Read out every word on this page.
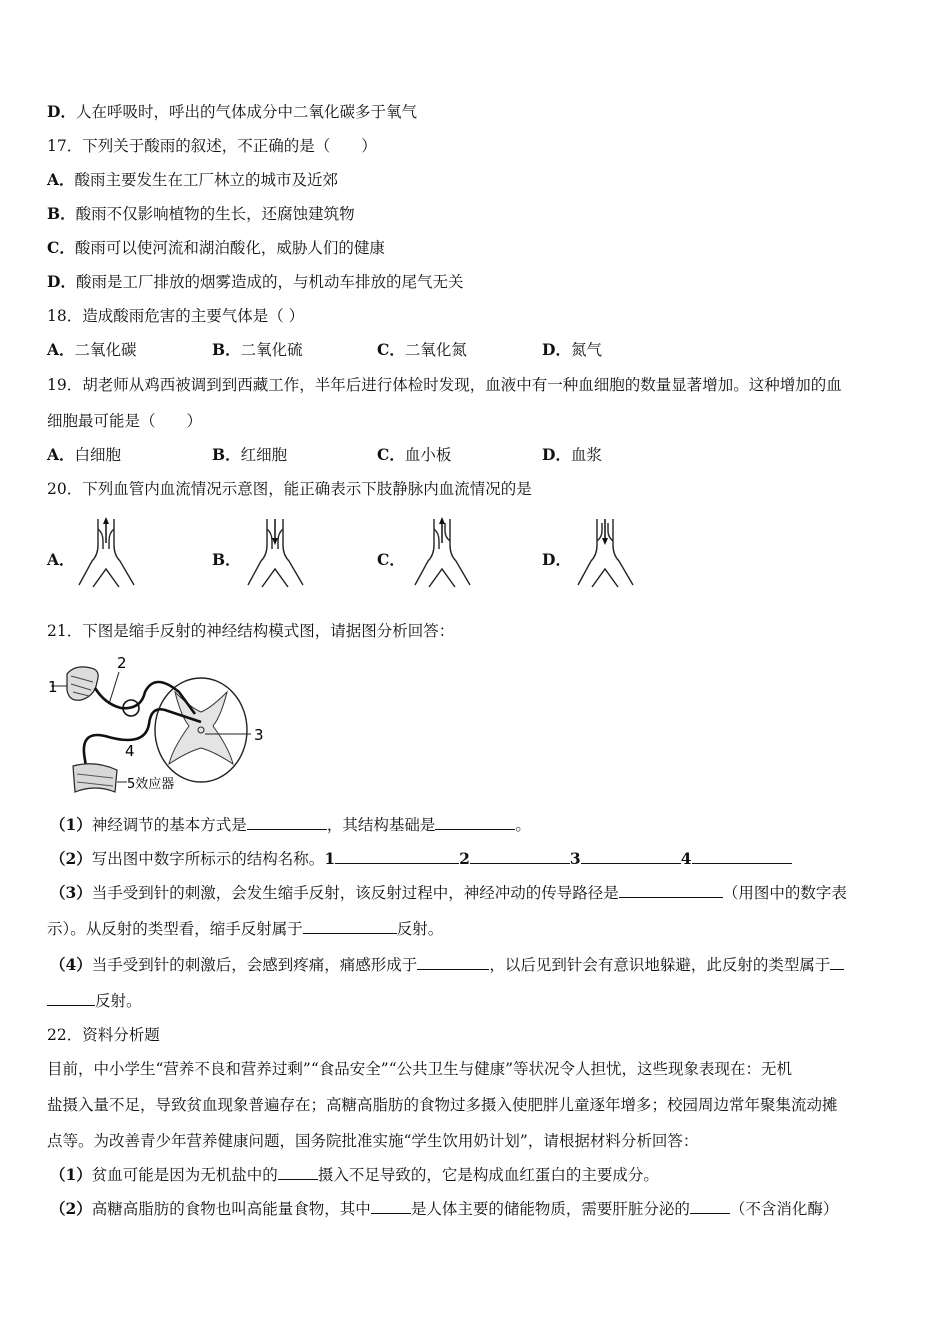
D．人在呼吸时，呼出的气体成分中二氧化碳多于氧气
17．下列关于酸雨的叙述，不正确的是（　　）
A．酸雨主要发生在工厂林立的城市及近郊
B．酸雨不仅影响植物的生长，还腐蚀建筑物
C．酸雨可以使河流和湖泊酸化，威胁人们的健康
D．酸雨是工厂排放的烟雾造成的，与机动车排放的尾气无关
18．造成酸雨危害的主要气体是（ ）
A．二氧化碳	B．二氧化硫	C．二氧化氮	D．氮气
19．胡老师从鸡西被调到到西藏工作，半年后进行体检时发现，血液中有一种血细胞的数量显著增加。这种增加的血
细胞最可能是（　　）
A．白细胞	B．红细胞	C．血小板	D．血浆
20．下列血管内血流情况示意图，能正确表示下肢静脉内血流情况的是
A．	B．	C．	D．
21．下图是缩手反射的神经结构模式图，请据图分析回答：
1
2
3
4
5效应器
（1）神经调节的基本方式是	，其结构基础是	。
（2）写出图中数字所标示的结构名称。1	2	3	4
（3）当手受到针的刺激，会发生缩手反射，该反射过程中，神经冲动的传导路径是	（用图中的数字表
示）。从反射的类型看，缩手反射属于	反射。
（4）当手受到针的刺激后，会感到疼痛，痛感形成于	，以后见到针会有意识地躲避，此反射的类型属于
反射。
22．资料分析题
目前，中小学生“营养不良和营养过剩”“食品安全”“公共卫生与健康”等状况令人担忧，这些现象表现在：无机
盐摄入量不足，导致贫血现象普遍存在；高糖高脂肪的食物过多摄入使肥胖儿童逐年增多；校园周边常年聚集流动摊
点等。为改善青少年营养健康问题，国务院批准实施“学生饮用奶计划”，请根据材料分析回答：
（1）贫血可能是因为无机盐中的	摄入不足导致的，它是构成血红蛋白的主要成分。
（2）高糖高脂肪的食物也叫高能量食物，其中	是人体主要的储能物质，需要肝脏分泌的	（不含消化酶）
